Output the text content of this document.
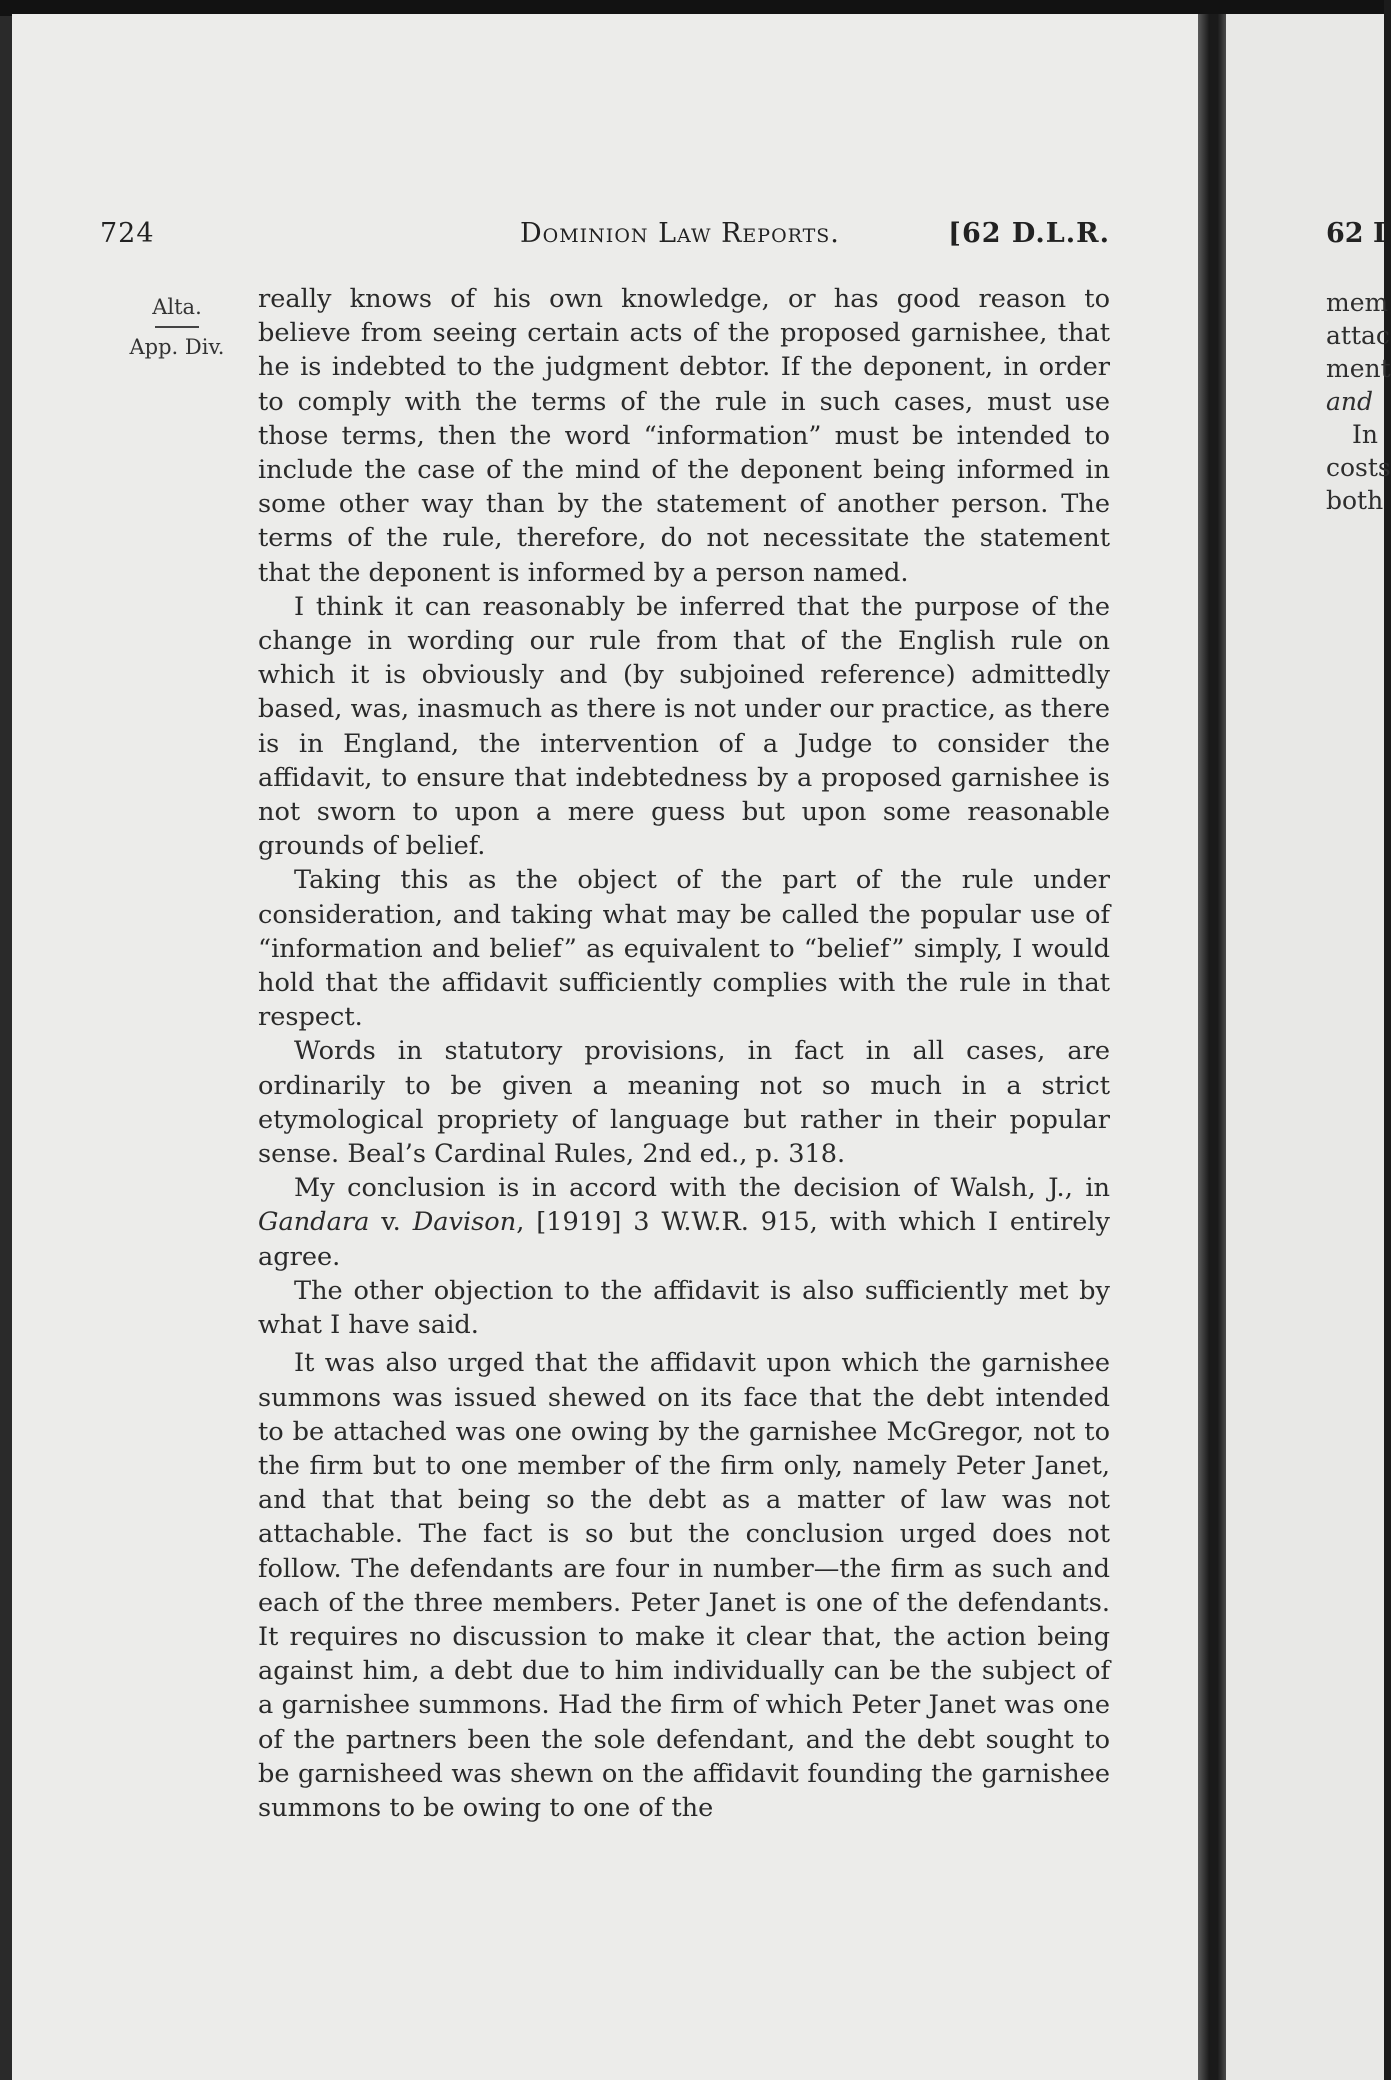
724	Dominion Law Reports.	[62 D.L.R.
Alta.
App. Div.

really knows of his own knowledge, or has good reason to believe from seeing certain acts of the proposed garnishee, that he is indebted to the judgment debtor. If the deponent, in order to comply with the terms of the rule in such cases, must use those terms, then the word “information” must be intended to include the case of the mind of the deponent being informed in some other way than by the statement of another person. The terms of the rule, therefore, do not necessitate the statement that the deponent is informed by a person named.

I think it can reasonably be inferred that the purpose of the change in wording our rule from that of the English rule on which it is obviously and (by subjoined reference) admittedly based, was, inasmuch as there is not under our practice, as there is in England, the intervention of a Judge to consider the affidavit, to ensure that indebtedness by a proposed garnishee is not sworn to upon a mere guess but upon some reasonable grounds of belief.

Taking this as the object of the part of the rule under consideration, and taking what may be called the popular use of “information and belief” as equivalent to “belief” simply, I would hold that the affidavit sufficiently complies with the rule in that respect.

Words in statutory provisions, in fact in all cases, are ordinarily to be given a meaning not so much in a strict etymological propriety of language but rather in their popular sense. Beal’s Cardinal Rules, 2nd ed., p. 318.

My conclusion is in accord with the decision of Walsh, J., in Gandara v. Davison, [1919] 3 W.W.R. 915, with which I entirely agree.

The other objection to the affidavit is also sufficiently met by what I have said.

It was also urged that the affidavit upon which the garnishee summons was issued shewed on its face that the debt intended to be attached was one owing by the garnishee McGregor, not to the firm but to one member of the firm only, namely Peter Janet, and that that being so the debt as a matter of law was not attachable. The fact is so but the conclusion urged does not follow. The defendants are four in number—the firm as such and each of the three members. Peter Janet is one of the defendants. It requires no discussion to make it clear that, the action being against him, a debt due to him individually can be the subject of a garnishee summons. Had the firm of which Peter Janet was one of the partners been the sole defendant, and the debt sought to be garnisheed was shewn on the affidavit founding the garnishee summons to be owing to one of the

62 I
mem
attac
ment
and
In
costs
both
